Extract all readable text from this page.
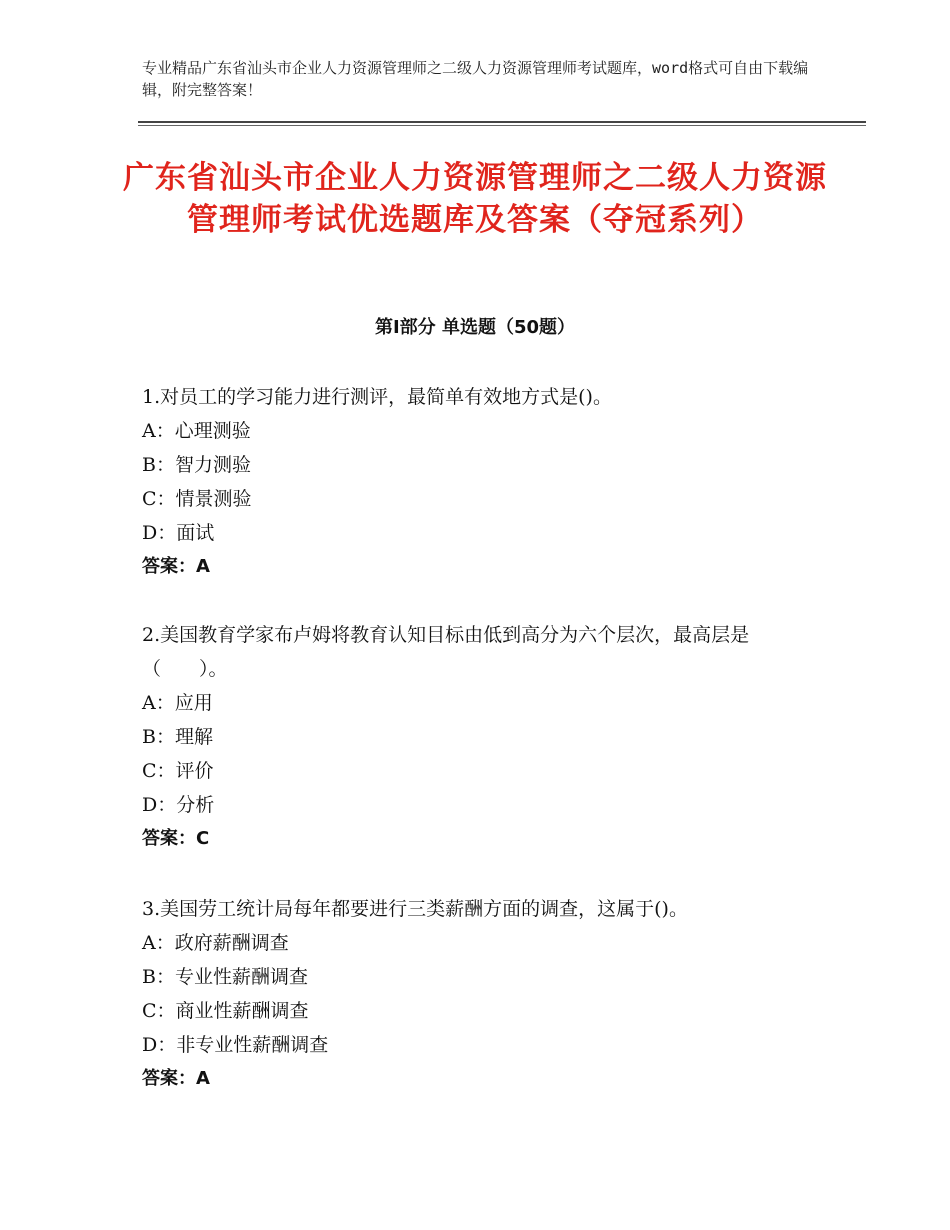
专业精品广东省汕头市企业人力资源管理师之二级人力资源管理师考试题库，word格式可自由下载编辑，附完整答案！
广东省汕头市企业人力资源管理师之二级人力资源管理师考试优选题库及答案（夺冠系列）
第Ⅰ部分 单选题（50题）

1.对员工的学习能力进行测评，最简单有效地方式是()。

A：心理测验

B：智力测验

C：情景测验

D：面试

答案：A

2.美国教育学家布卢姆将教育认知目标由低到高分为六个层次，最高层是（　　）。

A：应用

B：理解

C：评价

D：分析

答案：C

3.美国劳工统计局每年都要进行三类薪酬方面的调查，这属于()。

A：政府薪酬调查

B：专业性薪酬调查

C：商业性薪酬调查

D：非专业性薪酬调查

答案：A
